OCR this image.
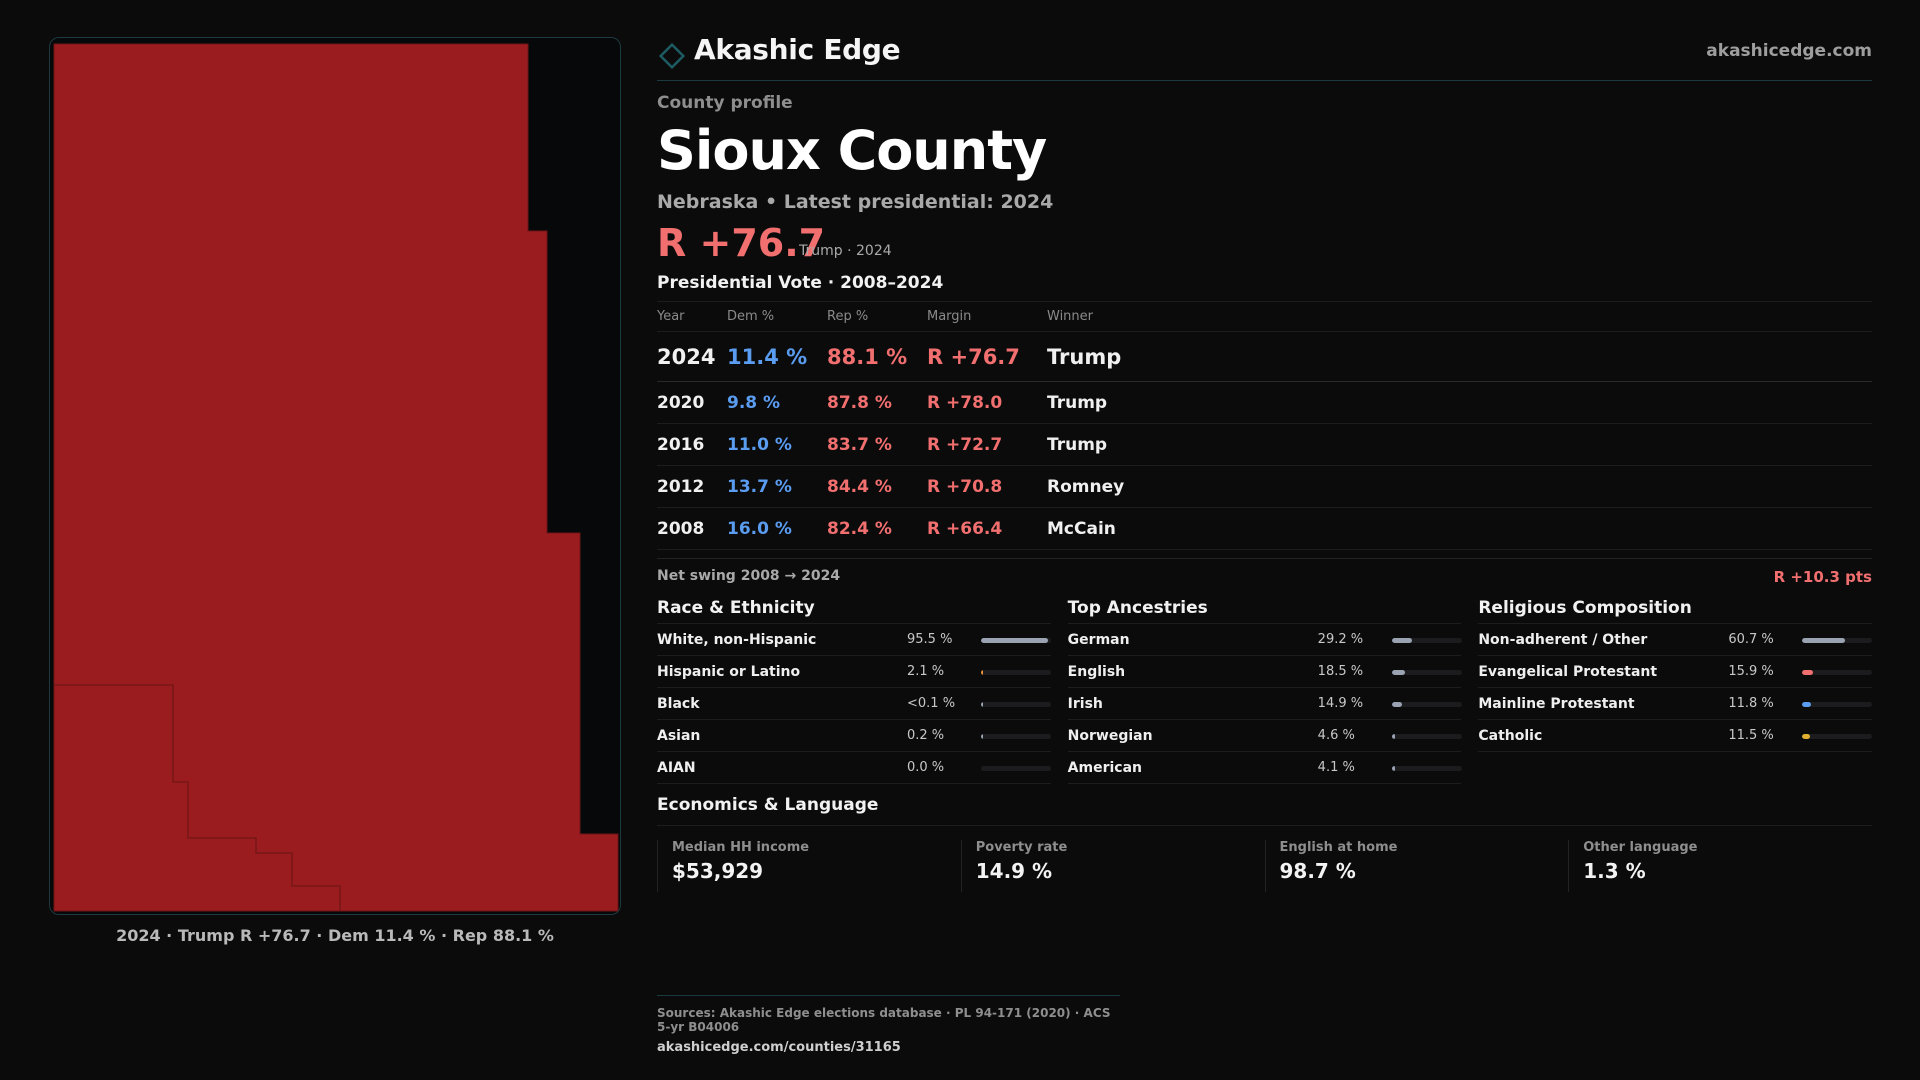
2024 · Trump R +76.7 · Dem 11.4 % · Rep 88.1 %
Akashic Edge	akashicedge.com
County profile
Sioux County
Nebraska • Latest presidential: 2024
R +76.7
Trump · 2024
Presidential Vote · 2008–2024
Year	Dem %	Rep %	Margin	Winner
2024	11.4 %	88.1 %	R +76.7	Trump
2020	9.8 %	87.8 %	R +78.0	Trump
2016	11.0 %	83.7 %	R +72.7	Trump
2012	13.7 %	84.4 %	R +70.8	Romney
2008	16.0 %	82.4 %	R +66.4	McCain
Net swing 2008 → 2024	R +10.3 pts
Race & Ethnicity
White, non-Hispanic	95.5 %
Hispanic or Latino	2.1 %
Black	<0.1 %
Asian	0.2 %
AIAN	0.0 %
Top Ancestries
German	29.2 %
English	18.5 %
Irish	14.9 %
Norwegian	4.6 %
American	4.1 %
Religious Composition
Non-adherent / Other	60.7 %
Evangelical Protestant	15.9 %
Mainline Protestant	11.8 %
Catholic	11.5 %
Economics & Language
Median HH income
$53,929
Poverty rate
14.9 %
English at home
98.7 %
Other language
1.3 %
Sources: Akashic Edge elections database · PL 94-171 (2020) · ACS 5-yr B04006
akashicedge.com/counties/31165
